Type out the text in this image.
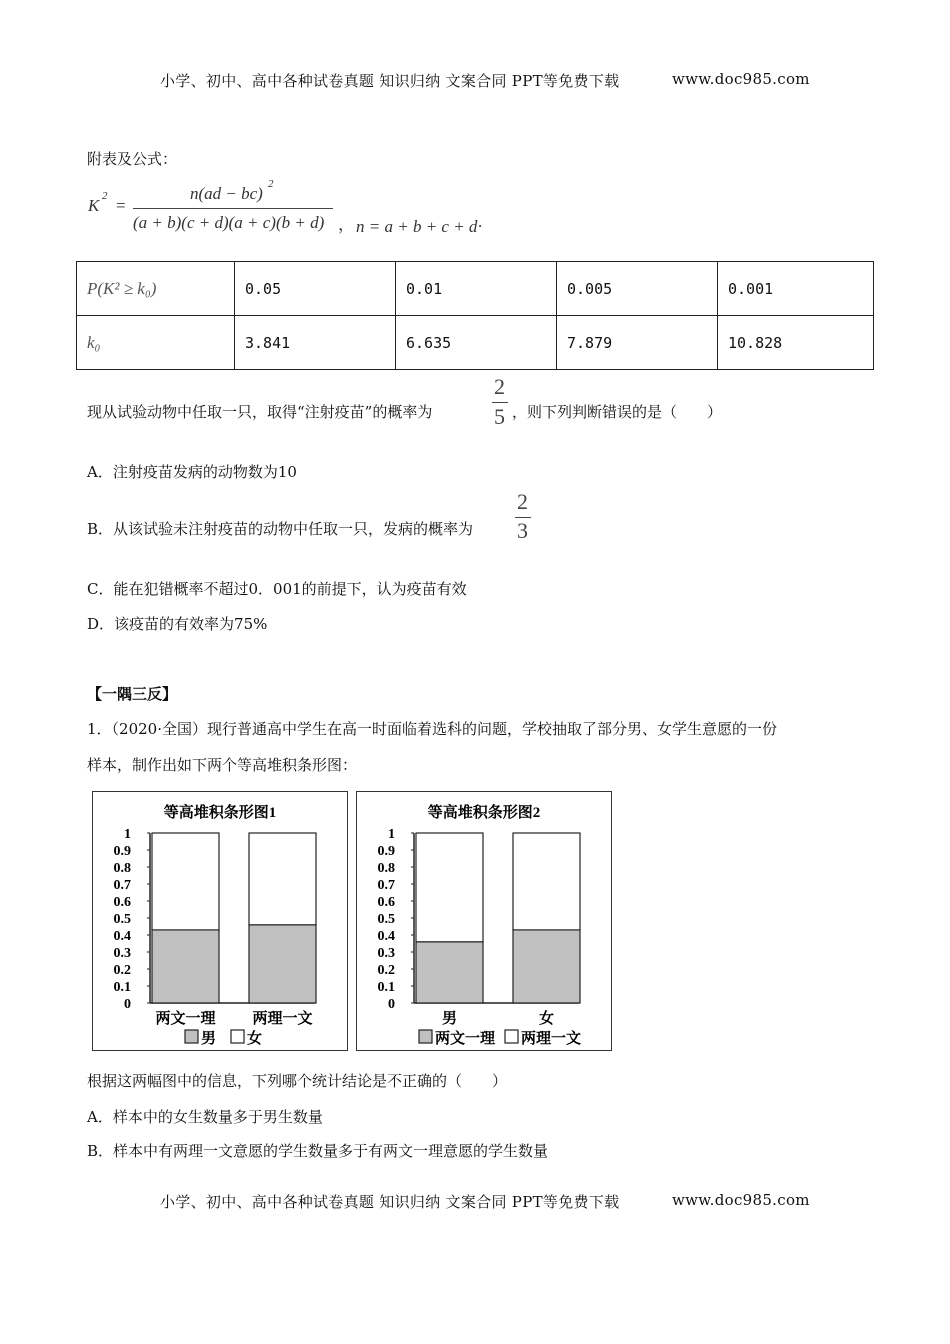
小学、初中、高中各种试卷真题 知识归纳 文案合同 PPT等免费下载	www.doc985.com
附表及公式：
K 2 =
n(ad − bc) 2
(a + b)(c + d)(a + c)(b + d) ， n = a + b + c + d .
P(K² ≥ k₀)	0.05	0.01	0.005	0.001
k₀	3.841	6.635	7.879	10.828
现从试验动物中任取一只，取得“注射疫苗”的概率为
2
5 ，则下列判断错误的是（　　）
A．注射疫苗发病的动物数为10
B．从该试验未注射疫苗的动物中任取一只，发病的概率为
2
3
C．能在犯错概率不超过0．001的前提下，认为疫苗有效
D．该疫苗的有效率为75%
【一隅三反】
1．（2020·全国）现行普通高中学生在高一时面临着选科的问题，学校抽取了部分男、女学生意愿的一份
样本，制作出如下两个等高堆积条形图：
等高堆积条形图1
0
0.1
0.2
0.3
0.4
0.5
0.6
0.7
0.8
0.9
1
两文一理 两理一文
男 女
等高堆积条形图2
0
0.1
0.2
0.3
0.4
0.5
0.6
0.7
0.8
0.9
1
男	女
两文一理 两理一文
根据这两幅图中的信息，下列哪个统计结论是不正确的（　　）
A．样本中的女生数量多于男生数量
B．样本中有两理一文意愿的学生数量多于有两文一理意愿的学生数量
小学、初中、高中各种试卷真题 知识归纳 文案合同 PPT等免费下载	www.doc985.com
